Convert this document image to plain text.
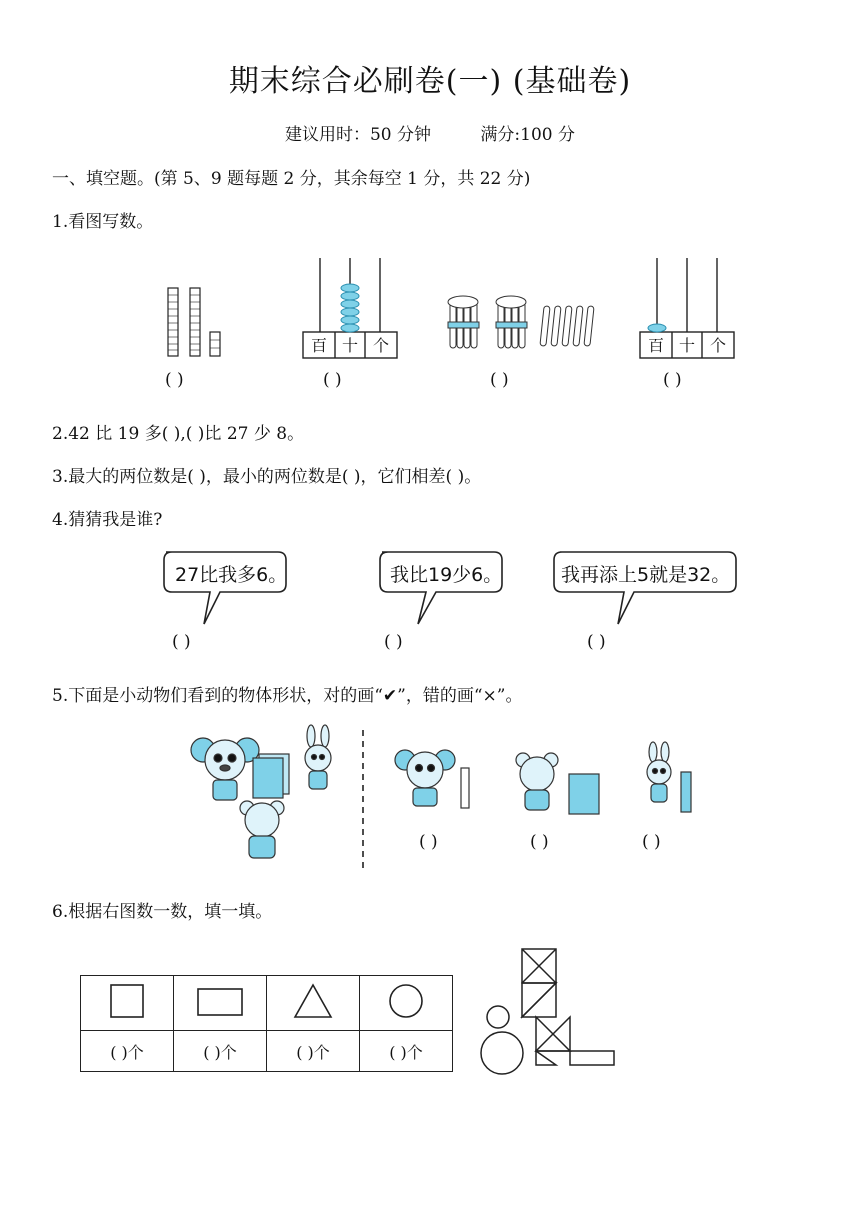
期末综合必刷卷(一) (基础卷)
建议用时：50 分钟	满分:100 分
一、填空题。(第 5、9 题每题 2 分，其余每空 1 分，共 22 分)
1.看图写数。
百 十 个	百 十 个
( )	( )	( )	( )
2.42 比 19 多( ),( )比 27 少 8。
3.最大的两位数是( )，最小的两位数是( )，它们相差( )。
4.猜猜我是谁?
27比我多6。	我比19少6。	我再添上5就是32。
( )	( )	( )
5.下面是小动物们看到的物体形状，对的画“✔”，错的画“×”。
( )	( )	( )
6.根据右图数一数，填一填。

( )个	( )个	( )个	( )个
